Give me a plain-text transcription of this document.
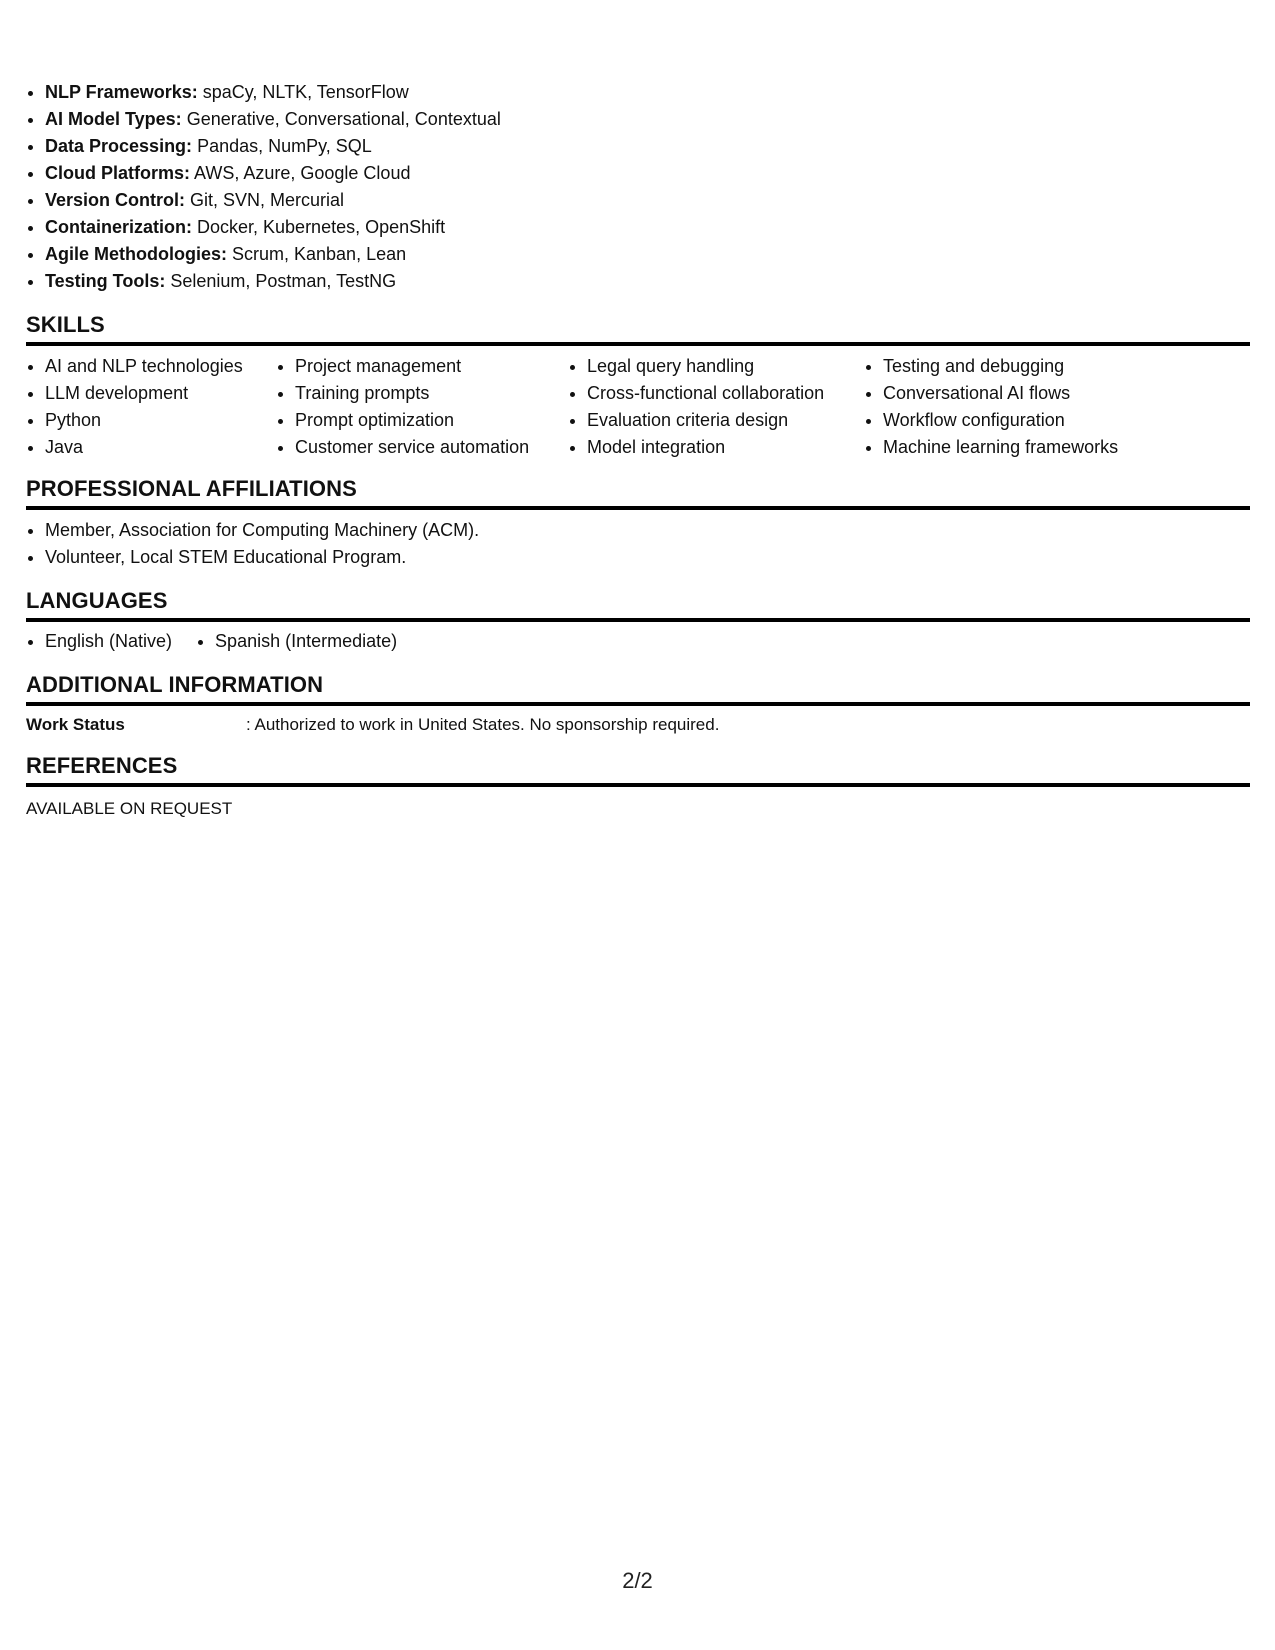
• NLP Frameworks: spaCy, NLTK, TensorFlow
• AI Model Types: Generative, Conversational, Contextual
• Data Processing: Pandas, NumPy, SQL
• Cloud Platforms: AWS, Azure, Google Cloud
• Version Control: Git, SVN, Mercurial
• Containerization: Docker, Kubernetes, OpenShift
• Agile Methodologies: Scrum, Kanban, Lean
• Testing Tools: Selenium, Postman, TestNG
SKILLS
• AI and NLP technologies
• LLM development
• Python
• Java
• Project management
• Training prompts
• Prompt optimization
• Customer service automation
• Legal query handling
• Cross-functional collaboration
• Evaluation criteria design
• Model integration
• Testing and debugging
• Conversational AI flows
• Workflow configuration
• Machine learning frameworks
PROFESSIONAL AFFILIATIONS
• Member, Association for Computing Machinery (ACM).
• Volunteer, Local STEM Educational Program.
LANGUAGES
• English (Native)
• Spanish (Intermediate)
ADDITIONAL INFORMATION
Work Status	: Authorized to work in United States. No sponsorship required.
REFERENCES
AVAILABLE ON REQUEST
2/2
